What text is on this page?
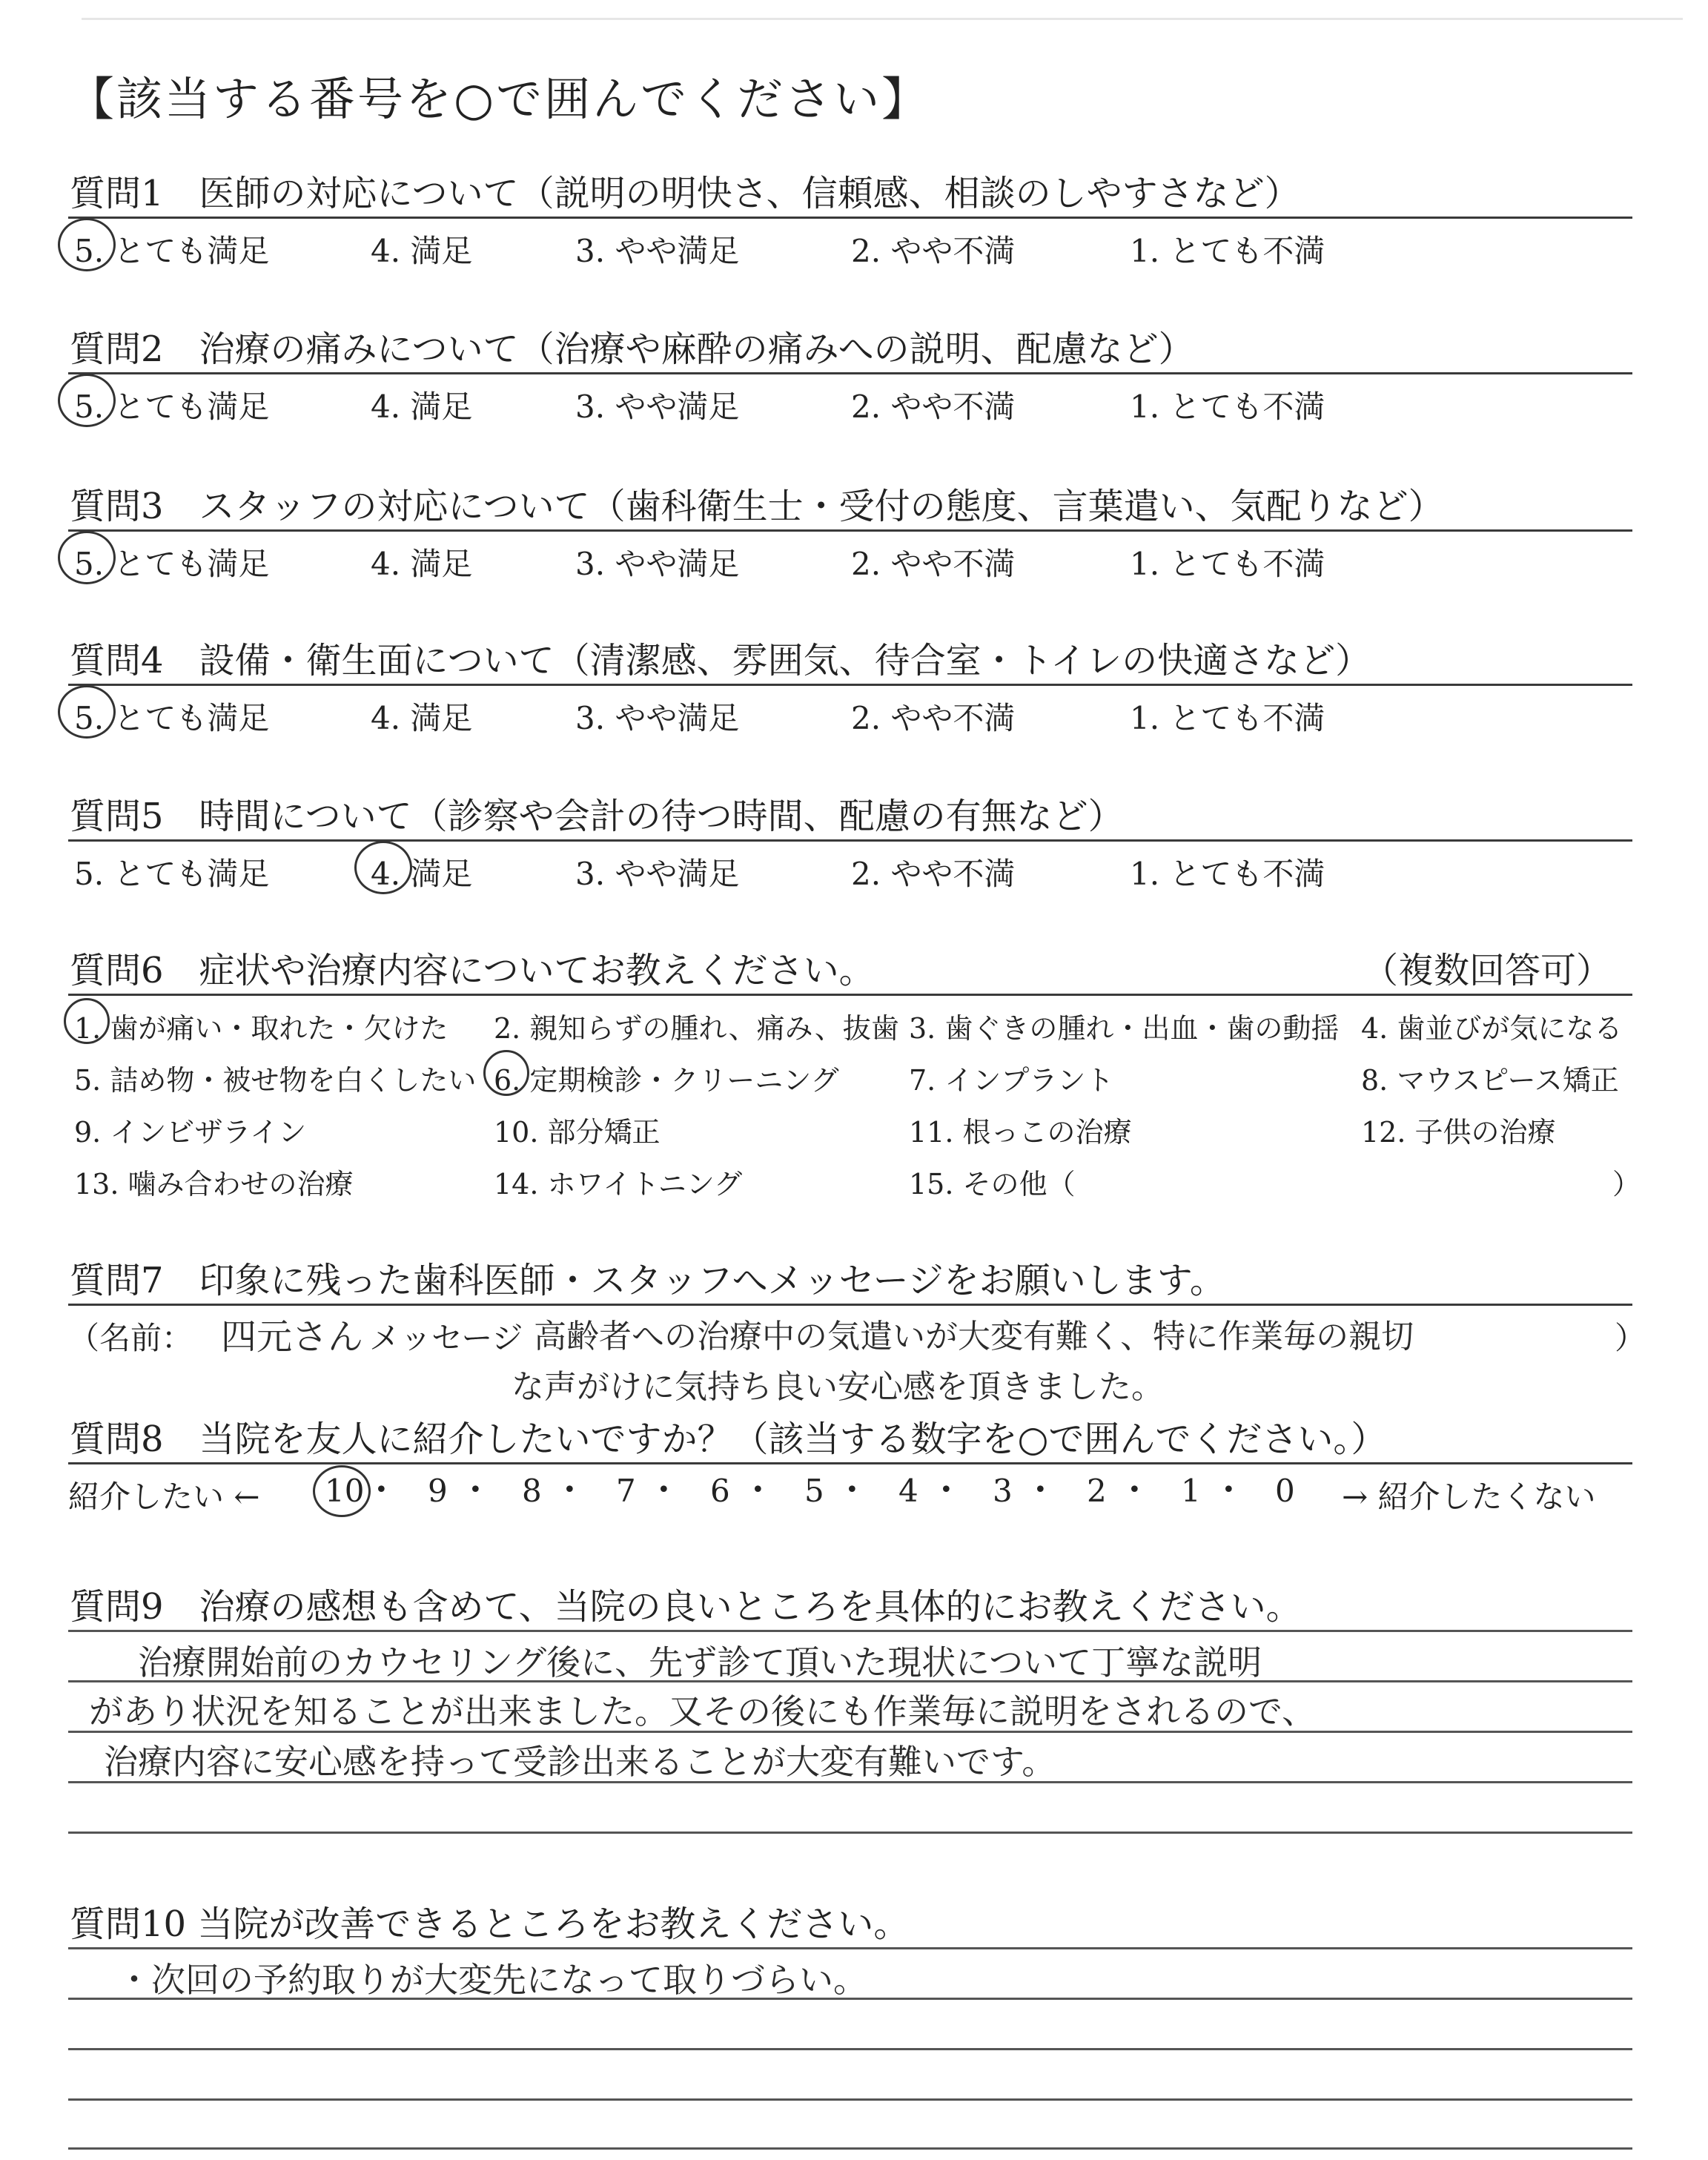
【該当する番号を○で囲んでください】
質問1　医師の対応について（説明の明快さ、信頼感、相談のしやすさなど）
5. とても満足	4. 満足	3. やや満足	2. やや不満	1. とても不満
質問2　治療の痛みについて（治療や麻酔の痛みへの説明、配慮など）
5. とても満足	4. 満足	3. やや満足	2. やや不満	1. とても不満
質問3　スタッフの対応について（歯科衛生士・受付の態度、言葉遣い、気配りなど）
5. とても満足	4. 満足	3. やや満足	2. やや不満	1. とても不満
質問4　設備・衛生面について（清潔感、雰囲気、待合室・トイレの快適さなど）
5. とても満足	4. 満足	3. やや満足	2. やや不満	1. とても不満
質問5　時間について（診察や会計の待つ時間、配慮の有無など）
5. とても満足	4. 満足	3. やや満足	2. やや不満	1. とても不満
質問6　症状や治療内容についてお教えください。	（複数回答可）
1. 歯が痛い・取れた・欠けた 2. 親知らずの腫れ、痛み、抜歯 3. 歯ぐきの腫れ・出血・歯の動揺 4. 歯並びが気になる
5. 詰め物・被せ物を白くしたい 6. 定期検診・クリーニング 7. インプラント	8. マウスピース矯正
9. インビザライン	10. 部分矯正	11. 根っこの治療	12. 子供の治療
13. 噛み合わせの治療	14. ホワイトニング	15. その他（	）
質問7　印象に残った歯科医師・スタッフへメッセージをお願いします。
（名前： 四元さん メッセージ 高齢者への治療中の気遣いが大変有難く、特に作業毎の親切	）
な声がけに気持ち良い安心感を頂きました。
質問8　当院を友人に紹介したいですか？（該当する数字を○で囲んでください。）
紹介したい ← 10 • 9 • 8 • 7 • 6 • 5 • 4 • 3 • 2 • 1 • 0 → 紹介したくない
質問9　治療の感想も含めて、当院の良いところを具体的にお教えください。
治療開始前のカウセリング後に、先ず診て頂いた現状について丁寧な説明
があり状況を知ることが出来ました。又その後にも作業毎に説明をされるので、
治療内容に安心感を持って受診出来ることが大変有難いです。
質問10 当院が改善できるところをお教えください。
・次回の予約取りが大変先になって取りづらい。
